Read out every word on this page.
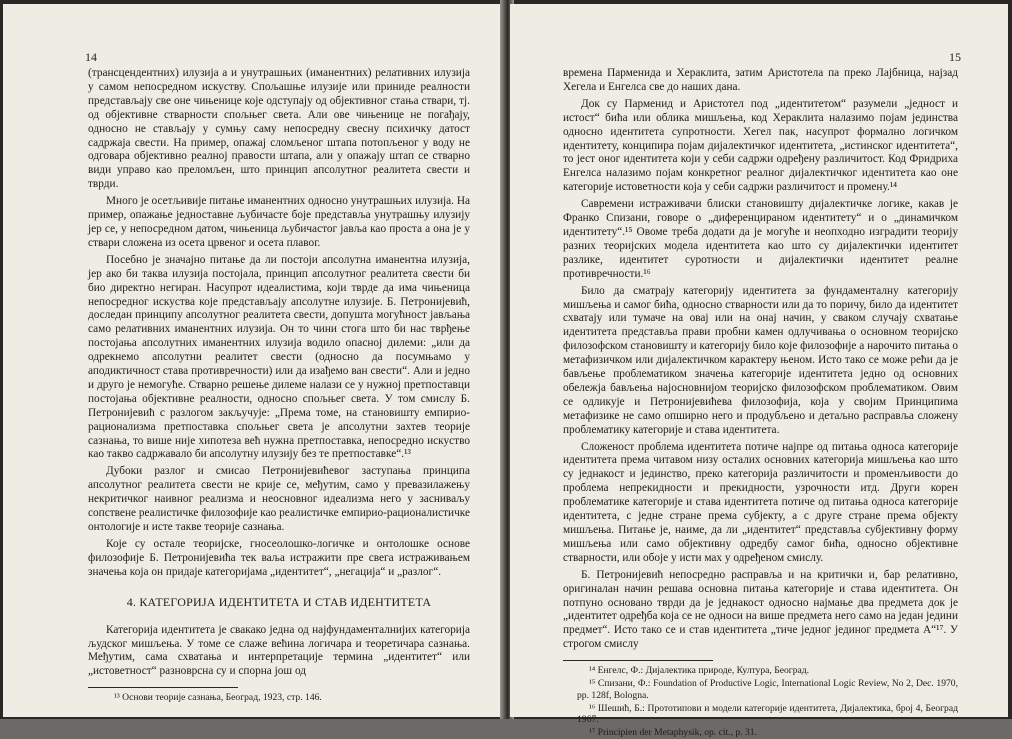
14

(трансцендентних) илузија а и унутрашњих (иманентних) релативних илузија у самом непосредном искуству. Спољашње илузије или приниде реалности представљају све оне чињенице које одступају од објективног стања ствари, тј. од објективне стварности спољњег света. Али ове чињенице не погађају, односно не стављају у сумњу саму непосредну свесну психичку датост садржаја свести. На пример, опажај сломљеног штапа потопљеног у воду не одговара објективно реалној правости штапа, али у опажају штап се стварно види управо као преломљен, што принцип апсолутног реалитета свести и тврди.

Много је осетљивије питање иманентних односно унутрашњих илузија. На пример, опажање једноставне љубичасте боје представља унутрашњу илузију јер се, у непосредном датом, чињеница љубичастог јавља као проста а она је у ствари сложена из осета црвеног и осета плавог.

Посебно је значајно питање да ли постоји апсолутна иманентна илузија, јер ако би таква илузија постојала, принцип апсолутног реалитета свести би био директно негиран. Насупрот идеалистима, који тврде да има чињеница непосредног искуства које представљају апсолутне илузије. Б. Петронијевић, доследан принципу апсолутног реалитета свести, допушта могућност јављања само релативних иманентних илузија. Он то чини стога што би нас тврђење постојања апсолутних иманентних илузија водило опасној дилеми: „или да одрекнемо апсолутни реалитет свести (односно да посумњамо у аподиктичност става противречности) или да изађемо ван свести“. Али и једно и друго је немогуће. Стварно решење дилеме налази се у нужној претпоставци постојања објективне реалности, односно спољњег света. У том смислу Б. Петронијевић с разлогом закључује: „Према томе, на становишту емпирио-рационализма претпостaвка спољњег света је апсолутни захтев теорије сазнања, то више није хипотеза већ нужна претпоставка, непосредно искуство као такво садржавало би апсолутну илузију без те претпоставке“.¹³

Дубоки разлог и смисао Петронијевићевог заступања принципа апсолутног реалитета свести не крије се, међутим, само у превазилажењу некритичког наивног реализма и неосновног идеализма него у засниваљу сопствене реалистичке филозофије као реалистичке емпирио-рационалистичке онтологије и исте такве теорије сазнања.

Које су остале теоријске, гносеолошко-логичке и онтолошке основе филозофије Б. Петронијевића тек ваља истражити пре свега истраживањем значења која он придаје категоријама „идентитет“, „негација“ и „разлог“.

4. КАТЕГОРИЈА ИДЕНТИТЕТА И СТАВ ИДЕНТИТЕТА

Категорија идентитета је свакако једна од најфундаменталнијих категорија људског мишљења. У томе се слаже већина логичара и теоретичара сазнања. Међутим, сама схватања и интерпретације термина „идентитет“ или „истоветност“ разноврсна су и спорна још од

¹³ Основи теорије сазнања, Београд, 1923, стр. 146.

15

времена Парменида и Хераклита, затим Аристотела па преко Лајбница, најзад Хегела и Енгелса све до наших дана.

Док су Парменид и Аристотел под „идентитетом“ разумели „једност и истост“ бића или облика мишљења, код Хераклита налазимо појам јединства односно идентитета супротности. Хегел пак, насупрот формално логичком идентитету, конципира појам дијалектичког идентитета, „истинског идентитета“, то јест оног идентитета који у себи садржи одређену различитост. Код Фридриха Енгелса налазимо појам конкретног реалног дијалектичког идентитета као оне категорије истоветности која у себи садржи различитост и промену.¹⁴

Савремени истраживачи блиски становишту дијалектичке логике, какав је Франко Спизани, говоре о „диференцираном идентитету“ и о „динамичком идентитету“.¹⁵ Овоме треба додати да је могуће и неопходно изградити теорију разних теоријских модела идентитета као што су дијалектички идентитет разлике, идентитет суротности и дијалектички идентитет реалне противречности.¹⁶

Било да сматрају категорију идентитета за фундаменталну категорију мишљења и самог бића, односно стварности или да то поричу, било да идентитет схватају или тумаче на овај или на онај начин, у сваком случају схватање идентитета представља прави пробни камен одлучивања о основном теоријско филозофском становишту и категорију било које филозофије а нарочито питања о метафизичком или дијалектичком карактеру њеном. Исто тако се може рећи да је бављење проблематиком значења категорије идентитета једно од основних обележја бављења најосновнијом теоријско филозофском проблематиком. Овим се одликује и Петронијевићева филозофија, која у својим Принципима метафизике не само опширно него и продубљено и детаљно расправља сложену проблематику категорије и става идентитета.

Сложеност проблема идентитета потиче најпре од питања односа категорије идентитета према читавом низу осталих основних категорија мишљења као што су једнакост и јединство, преко категорија различитости и променљивости до проблема непрекидности и прекидности, узрочности итд. Други корен проблематике категорије и става идентитета потиче од питања односа категорије идентитета, с једне стране према субјекту, а с друге стране према објекту мишљења. Питање је, наиме, да ли „идентитет“ представља субјективну форму мишљења или само објективну одредбу самог бића, односно објективне стварности, или обоје у исти мах у одређеном смислу.

Б. Петронијевић непосредно расправља и на критички и, бар релативно, оригиналан начин решава основна питања категорије и става идентитета. Он потпуно основано тврди да је једнакост односно најмање два предмета док је „идентитет одређба која се не односи на више предмета него само на један једини предмет“. Исто тако се и став идентитета „тиче једног јединог предмета А“¹⁷. У строгом смислу

¹⁴ Енгелс, Ф.: Дијалектика природе, Култура, Београд.

¹⁵ Спизани, Ф.: Foundation of Productive Logic, International Logic Review, No 2, Dec. 1970, pp. 128f, Bologna.

¹⁶ Шешић, Б.: Прототипови и модели категорије идентитета, Дијалектика, број 4, Београд 1967.

¹⁷ Principien der Metaphysik, op. cit., p. 31.
